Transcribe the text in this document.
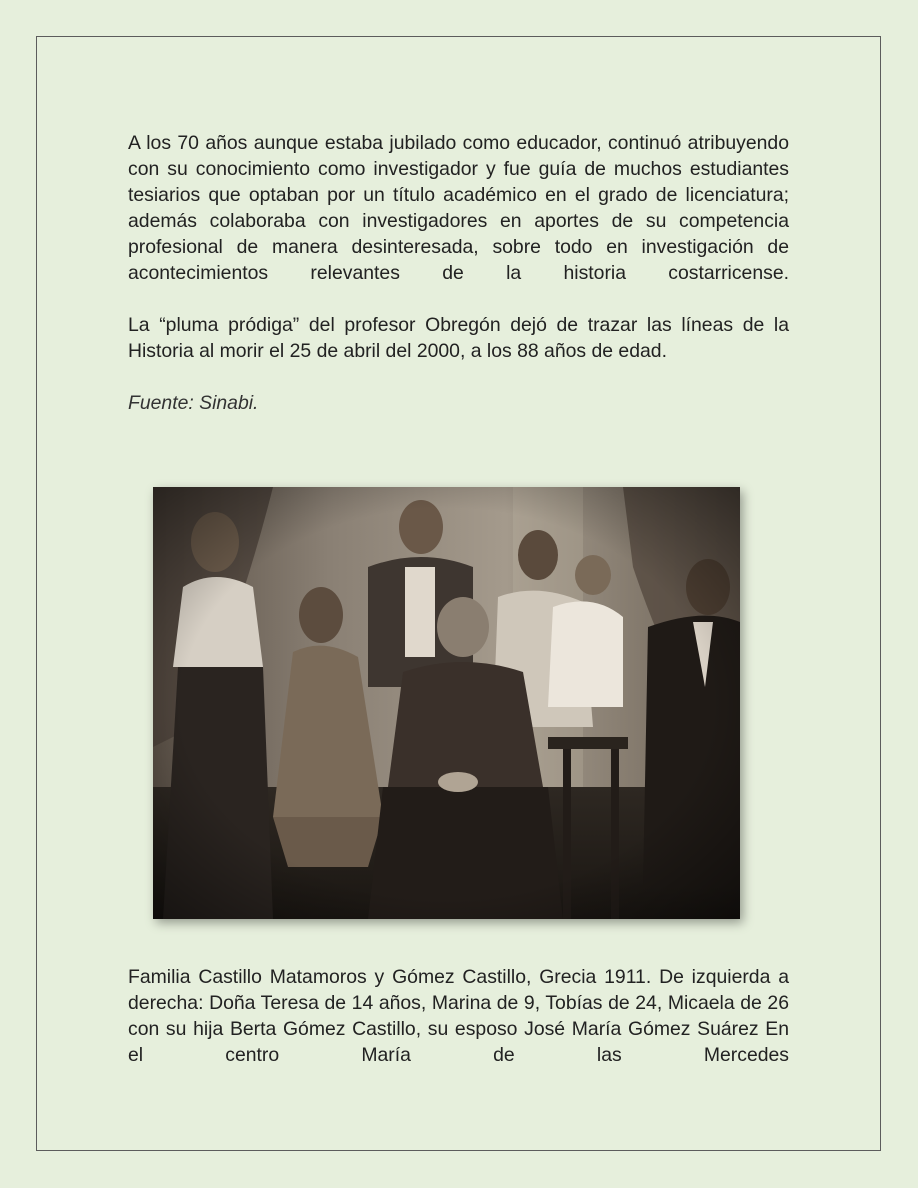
A los 70 años aunque estaba jubilado como educador, continuó atribuyendo con su conocimiento como investigador y fue guía de muchos estudiantes tesiarios que optaban por un título académico en el grado de licenciatura; además colaboraba con investigadores en aportes de su competencia profesional de manera desinteresada, sobre todo en investigación de acontecimientos relevantes de la historia costarricense.

La “pluma pródiga” del profesor Obregón dejó de trazar las líneas de la Historia al morir el 25 de abril del 2000, a los 88 años de edad.

Fuente: Sinabi.

Familia Castillo Matamoros y Gómez Castillo, Grecia 1911. De izquierda a derecha: Doña Teresa de 14 años, Marina de 9, Tobías de 24, Micaela de 26 con su hija Berta Gómez Castillo, su esposo José María Gómez Suárez En el centro María de las Mercedes
